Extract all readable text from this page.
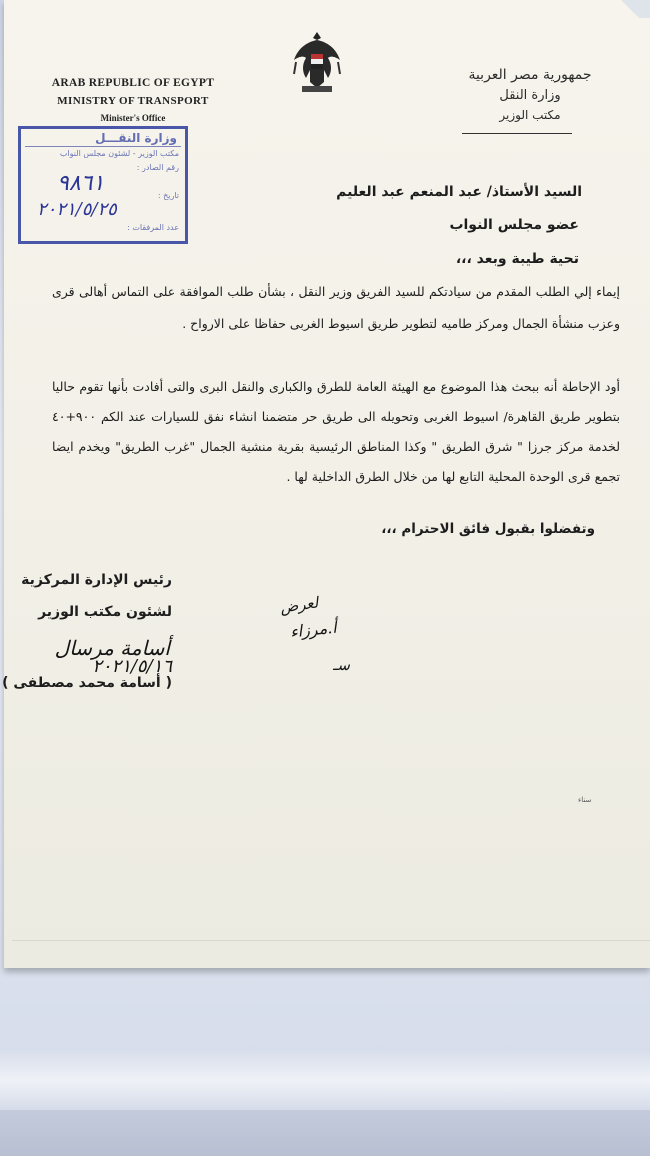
ARAB REPUBLIC OF EGYPT
MINISTRY OF TRANSPORT
Minister's Office
جمهورية مصر العربية
وزارة النقل
مكتب الوزير
وزارة النقـــل
مكتب الوزير - لشئون مجلس النواب
رقم الصادر :
٩٨٦١	تاريخ :
٢٠٢١/٥/٢٥
عدد المرفقات :
السيد الأستاذ/ عبد المنعم عبد العليم
عضو مجلس النواب
تحية طيبة وبعد ،،،
إيماء إلي الطلب المقدم من سيادتكم للسيد الفريق وزير النقل ، بشأن طلب الموافقة على التماس أهالى قرى وعزب منشأة الجمال ومركز طاميه لتطوير طريق اسيوط الغربى حفاظا على الارواح .
أود الإحاطة أنه ببحث هذا الموضوع مع الهيئة العامة للطرق والكبارى والنقل البرى والتى أفادت بأنها تقوم حاليا بتطوير طريق القاهرة/ اسيوط الغربى وتحويله الى طريق حر متضمنا انشاء نفق للسيارات عند الكم ٩٠٠+٤٠ لخدمة مركز جرزا " شرق الطريق " وكذا المناطق الرئيسية بقرية منشية الجمال "غرب الطريق" ويخدم ايضا تجمع قرى الوحدة المحلية التابع لها من خلال الطرق الداخلية لها .
وتفضلوا بقبول فائق الاحترام ،،،
رئيس الإدارة المركزية
لشئون مكتب الوزير
أسامة مرسال
٢٠٢١/٥/١٦
( أسامة محمد مصطفى )
لعرض
أ.مرزاء
سـ
سناء
